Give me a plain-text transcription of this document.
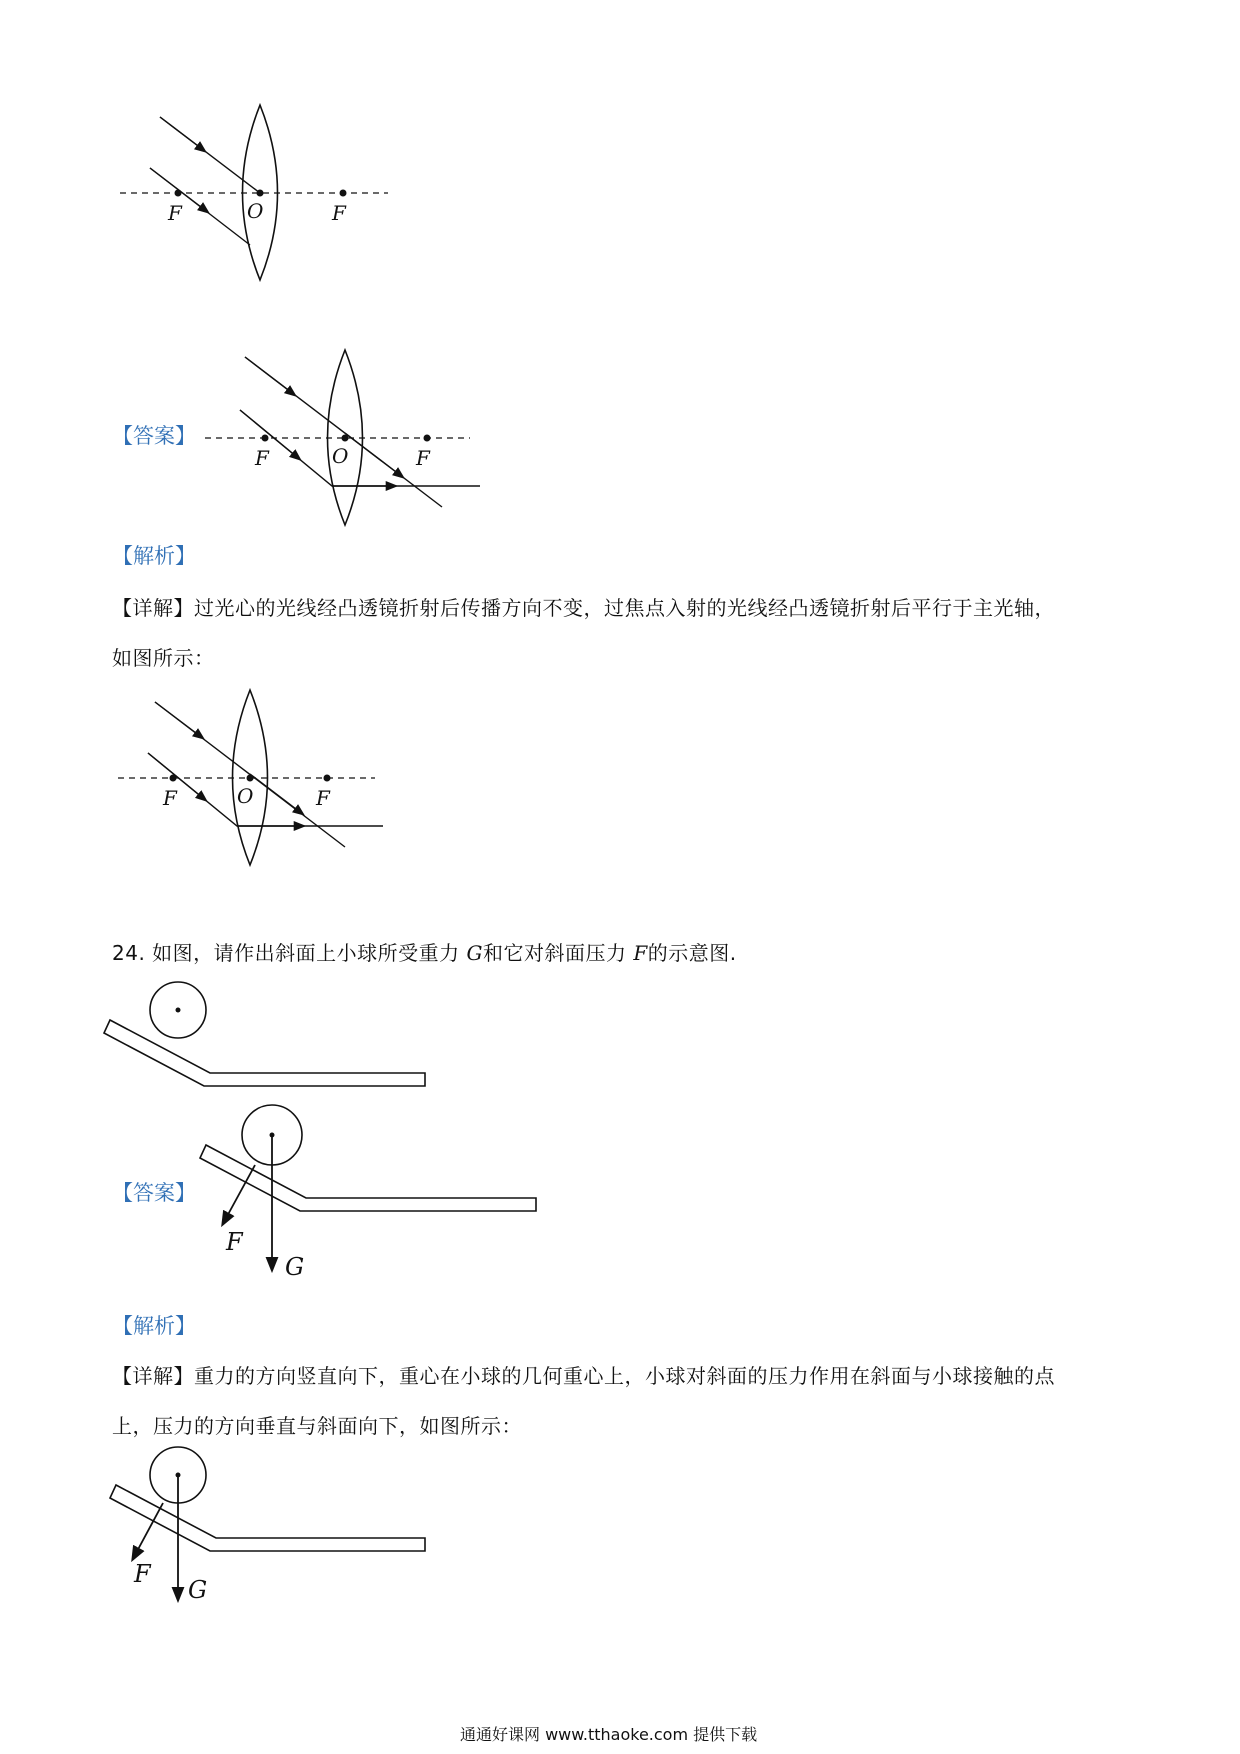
F	O	F
【答案】
F	O	F
【解析】
【详解】过光心的光线经凸透镜折射后传播方向不变，过焦点入射的光线经凸透镜折射后平行于主光轴，
如图所示：
F	O	F
24. 如图，请作出斜面上小球所受重力 G和它对斜面压力 F的示意图.
【答案】
F
G
【解析】
【详解】重力的方向竖直向下，重心在小球的几何重心上，小球对斜面的压力作用在斜面与小球接触的点
上，压力的方向垂直与斜面向下，如图所示：
F
G
通通好课网 www.tthaoke.com 提供下载
